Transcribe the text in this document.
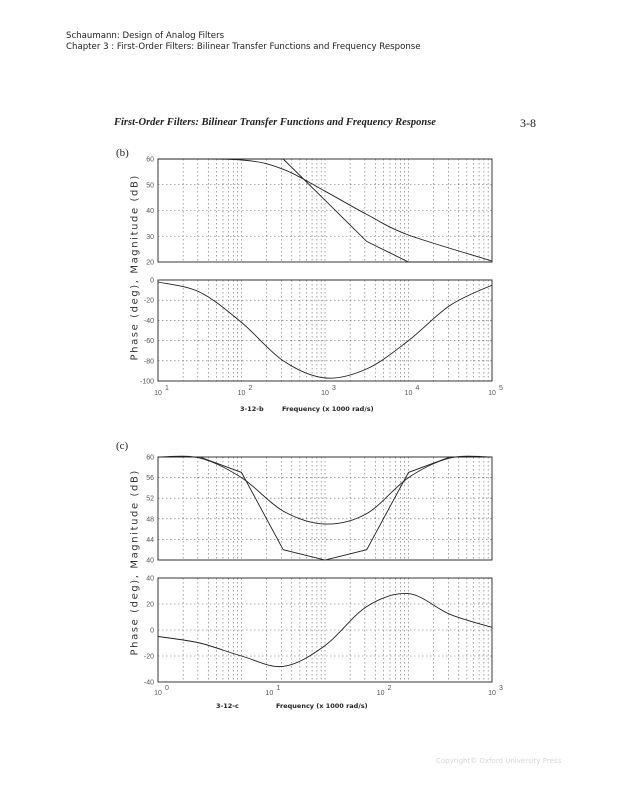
Schaumann: Design of Analog Filters
Chapter 3 : First-Order Filters: Bilinear Transfer Functions and Frequency Response
First-Order Filters: Bilinear Transfer Functions and Frequency Response	3-8
(b)
(c)
Phase (deg), Magnitude (dB)
Phase (deg), Magnitude (dB)
3-12-b	Frequency (x 1000 rad/s)
3-12-c	Frequency (x 1000 rad/s)
Copyright© Oxford University Press
60
50
40
30
20
0
-20
-40
-60
-80
-100
60
56
52
48
44
40
40
20
0
-20
-40
10
1
10
2
10
3
10
4
10
5
10
0
10
1
10
2
10
3
